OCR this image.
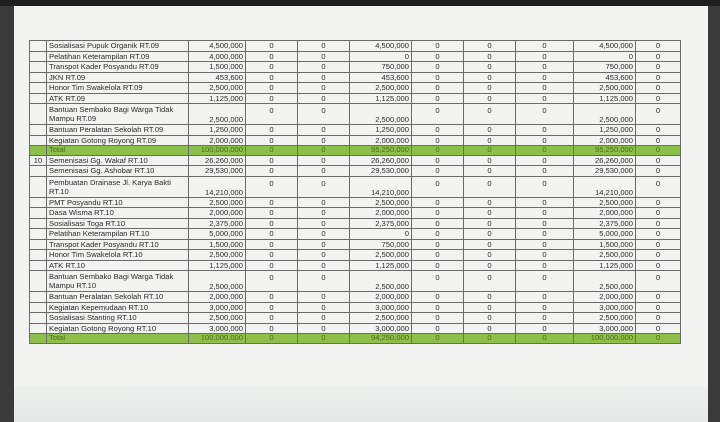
	Sosialisasi Pupuk Organik RT.09	4,500,000	0	0	4,500,000	0	0	0	4,500,000	0
	Pelatihan Keterampilan RT.09	4,000,000	0	0	0	0	0	0	0	0
	Transpot Kader Posyandu RT.09	1,500,000	0	0	750,000	0	0	0	750,000	0
	JKN RT.09	453,600	0	0	453,600	0	0	0	453,600	0
	Honor Tim Swakelola RT.09	2,500,000	0	0	2,500,000	0	0	0	2,500,000	0
	ATK RT.09	1,125,000	0	0	1,125,000	0	0	0	1,125,000	0
	Bantuan Sembako Bagi Warga Tidak Mampu RT.09	2,500,000	0	0	2,500,000	0	0	0	2,500,000	0
	Bantuan Peralatan Sekolah RT.09	1,250,000	0	0	1,250,000	0	0	0	1,250,000	0
	Kegiatan Gotong Royong RT.09	2,000,000	0	0	2,000,000	0	0	0	2,000,000	0
	Total	100,000,000	0	0	95,250,000	0	0	0	95,250,000	0
10	Semenisasi Gg. Wakaf RT.10	26,260,000	0	0	26,260,000	0	0	0	26,260,000	0
	Semenisasi Gg. Ashobar RT.10	29,530,000	0	0	29,530,000	0	0	0	29,530,000	0
	Pembuatan Drainase Jl. Karya Bakti RT.10	14,210,000	0	0	14,210,000	0	0	0	14,210,000	0
	PMT Posyandu RT.10	2,500,000	0	0	2,500,000	0	0	0	2,500,000	0
	Dasa Wisma RT.10	2,000,000	0	0	2,000,000	0	0	0	2,000,000	0
	Sosialisasi Toga RT.10	2,375,000	0	0	2,375,000	0	0	0	2,375,000	0
	Pelatihan Keterampilan RT.10	5,000,000	0	0	0	0	0	0	5,000,000	0
	Transpot Kader Posyandu RT.10	1,500,000	0	0	750,000	0	0	0	1,500,000	0
	Honor Tim Swakelola RT.10	2,500,000	0	0	2,500,000	0	0	0	2,500,000	0
	ATK RT.10	1,125,000	0	0	1,125,000	0	0	0	1,125,000	0
	Bantuan Sembako Bagi Warga Tidak Mampu RT.10	2,500,000	0	0	2,500,000	0	0	0	2,500,000	0
	Bantuan Peralatan Sekolah RT.10	2,000,000	0	0	2,000,000	0	0	0	2,000,000	0
	Kegiatan Kepemudaan RT.10	3,000,000	0	0	3,000,000	0	0	0	3,000,000	0
	Sosialisasi Stanting RT.10	2,500,000	0	0	2,500,000	0	0	0	2,500,000	0
	Kegiatan Gotong Royong RT.10	3,000,000	0	0	3,000,000	0	0	0	3,000,000	0
	Total	100,000,000	0	0	94,250,000	0	0	0	100,000,000	0
